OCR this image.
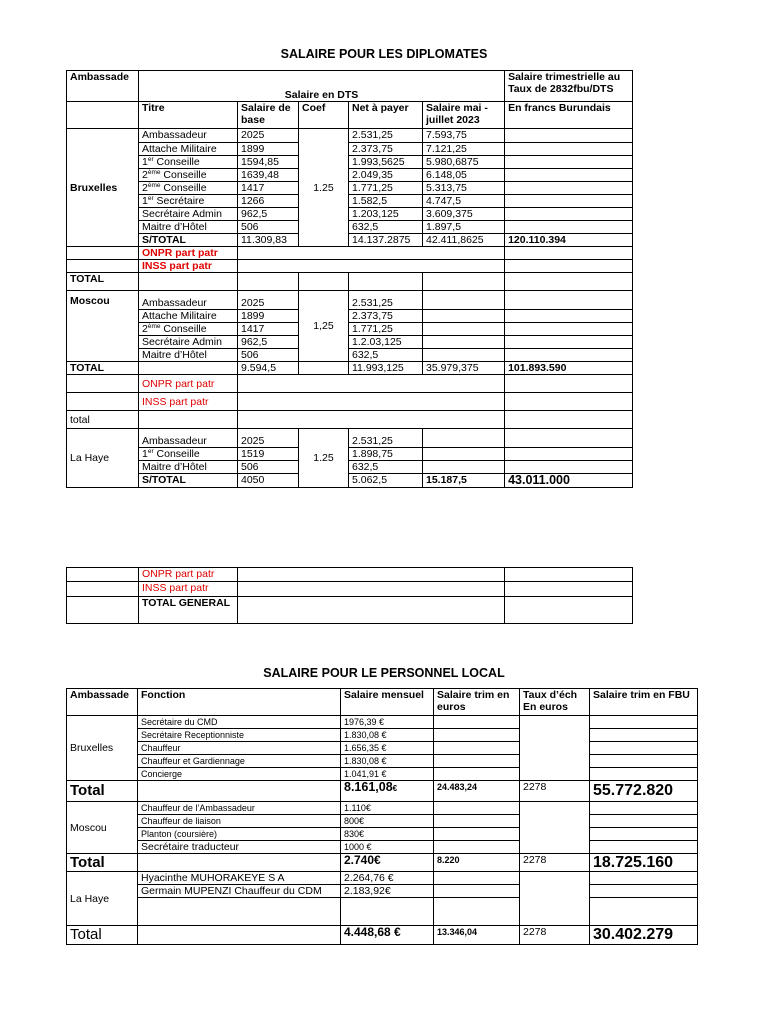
SALAIRE POUR LES DIPLOMATES
Ambassade	Salaire en DTS					Salaire trimestrielle au Taux de 2832fbu/DTS
	Titre	Salaire de base	Coef	Net à payer	Salaire mai - juillet 2023	En francs Burundais
Bruxelles	Ambassadeur	2025	1.25	2.531,25	7.593,75	
	Attache Militaire	1899		2.373,75	7.121,25	
	1er Conseille	1594,85		1.993,5625	5.980,6875	
	2ème Conseille	1639,48		2.049,35	6.148,05	
	2ème Conseille	1417		1.771,25	5.313,75	
	1er Secrétaire	1266		1.582,5	4.747,5	
	Secrétaire Admin	962,5		1.203,125	3.609,375	
	Maitre d’Hôtel	506		632,5	1.897,5	
	S/TOTAL	11.309,83		14.137.2875	42.411,8625	120.110.394
	ONPR part patr					
	INSS part patr					
TOTAL						
Moscou	Ambassadeur	2025	1,25	2.531,25		
	Attache Militaire	1899		2.373,75		
	2ème Conseille	1417		1.771,25		
	Secrétaire Admin	962,5		1.2.03,125		
	Maitre d’Hôtel	506		632,5		
TOTAL		9.594,5		11.993,125	35.979,375	101.893.590
	ONPR part patr					
	INSS part patr					
total						
La Haye	Ambassadeur	2025	1.25	2.531,25		
	1er Conseille	1519		1.898,75		
	Maitre d’Hôtel	506		632,5		
	S/TOTAL	4050		5.062,5	15.187,5	43.011.000
	ONPR part patr		
	INSS part patr		
	TOTAL GENERAL		
SALAIRE POUR LE PERSONNEL LOCAL
Ambassade	Fonction	Salaire mensuel	Salaire trim en euros	Taux d’éch En euros	Salaire trim en FBU
Bruxelles	Secrétaire du CMD	1976,39 €			
	Secrétaire Receptionniste	1.830,08 €			
	Chauffeur	1.656,35 €			
	Chauffeur et Gardiennage	1.830,08 €			
	Concierge	1.041,91 €			
Total		8.161,08€	24.483,24	2278	55.772.820
Moscou	Chauffeur de l’Ambassadeur	1.110€			
	Chauffeur de liaison	800€			
	Planton (coursière)	830€			
	Secrétaire traducteur	1000 €			
Total		2.740€	8.220	2278	18.725.160
La Haye	Hyacinthe MUHORAKEYE S A	2.264,76 €			
	Germain MUPENZI Chauffeur du CDM	2.183,92€			

Total		4.448,68 €	13.346,04	2278	30.402.279
